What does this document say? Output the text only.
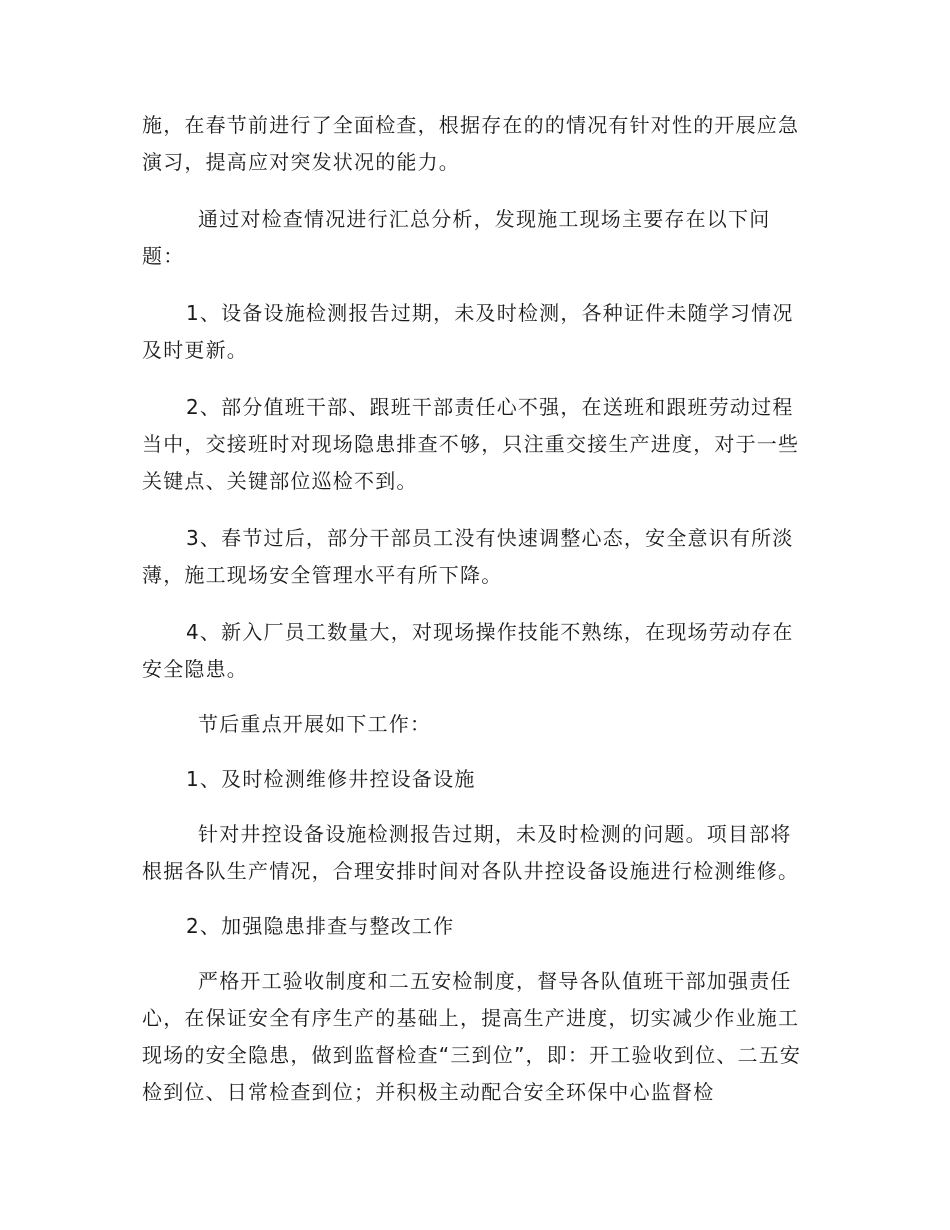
施，在春节前进行了全面检查，根据存在的的情况有针对性的开展应急演习，提高应对突发状况的能力。

通过对检查情况进行汇总分析，发现施工现场主要存在以下问题：

1、设备设施检测报告过期，未及时检测，各种证件未随学习情况及时更新。

2、部分值班干部、跟班干部责任心不强，在送班和跟班劳动过程当中，交接班时对现场隐患排查不够，只注重交接生产进度，对于一些关键点、关键部位巡检不到。

3、春节过后，部分干部员工没有快速调整心态，安全意识有所淡薄，施工现场安全管理水平有所下降。

4、新入厂员工数量大，对现场操作技能不熟练，在现场劳动存在安全隐患。

节后重点开展如下工作：

1、及时检测维修井控设备设施

针对井控设备设施检测报告过期，未及时检测的问题。项目部将根据各队生产情况，合理安排时间对各队井控设备设施进行检测维修。

2、加强隐患排查与整改工作

严格开工验收制度和二五安检制度，督导各队值班干部加强责任心，在保证安全有序生产的基础上，提高生产进度，切实减少作业施工现场的安全隐患，做到监督检查“三到位”，即：开工验收到位、二五安检到位、日常检查到位；并积极主动配合安全环保中心监督检
